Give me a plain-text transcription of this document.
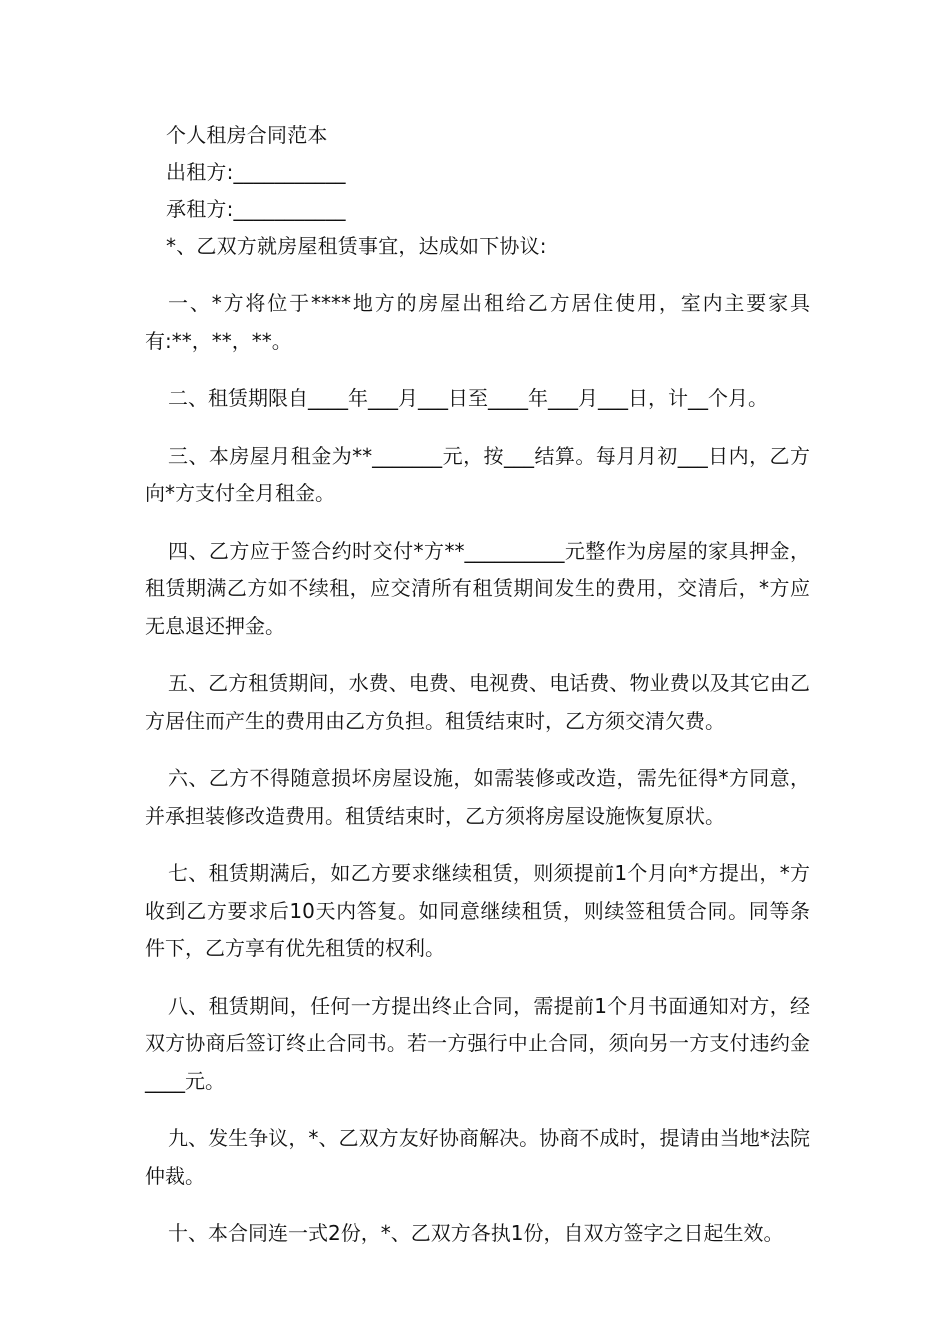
个人租房合同范本
出租方:___________
承租方:___________
*、乙双方就房屋租赁事宜，达成如下协议:

一、*方将位于****地方的房屋出租给乙方居住使用，室内主要家具有:**，**，**。

二、租赁期限自____年___月___日至____年___月___日，计__个月。

三、本房屋月租金为**_______元，按___结算。每月月初___日内，乙方向*方支付全月租金。

四、乙方应于签合约时交付*方**__________元整作为房屋的家具押金，租赁期满乙方如不续租，应交清所有租赁期间发生的费用，交清后，*方应无息退还押金。

五、乙方租赁期间，水费、电费、电视费、电话费、物业费以及其它由乙方居住而产生的费用由乙方负担。租赁结束时，乙方须交清欠费。

六、乙方不得随意损坏房屋设施，如需装修或改造，需先征得*方同意，并承担装修改造费用。租赁结束时，乙方须将房屋设施恢复原状。

七、租赁期满后，如乙方要求继续租赁，则须提前1个月向*方提出，*方收到乙方要求后10天内答复。如同意继续租赁，则续签租赁合同。同等条件下，乙方享有优先租赁的权利。

八、租赁期间，任何一方提出终止合同，需提前1个月书面通知对方，经双方协商后签订终止合同书。若一方强行中止合同，须向另一方支付违约金____元。

九、发生争议，*、乙双方友好协商解决。协商不成时，提请由当地*法院仲裁。

十、本合同连一式2份，*、乙双方各执1份，自双方签字之日起生效。
